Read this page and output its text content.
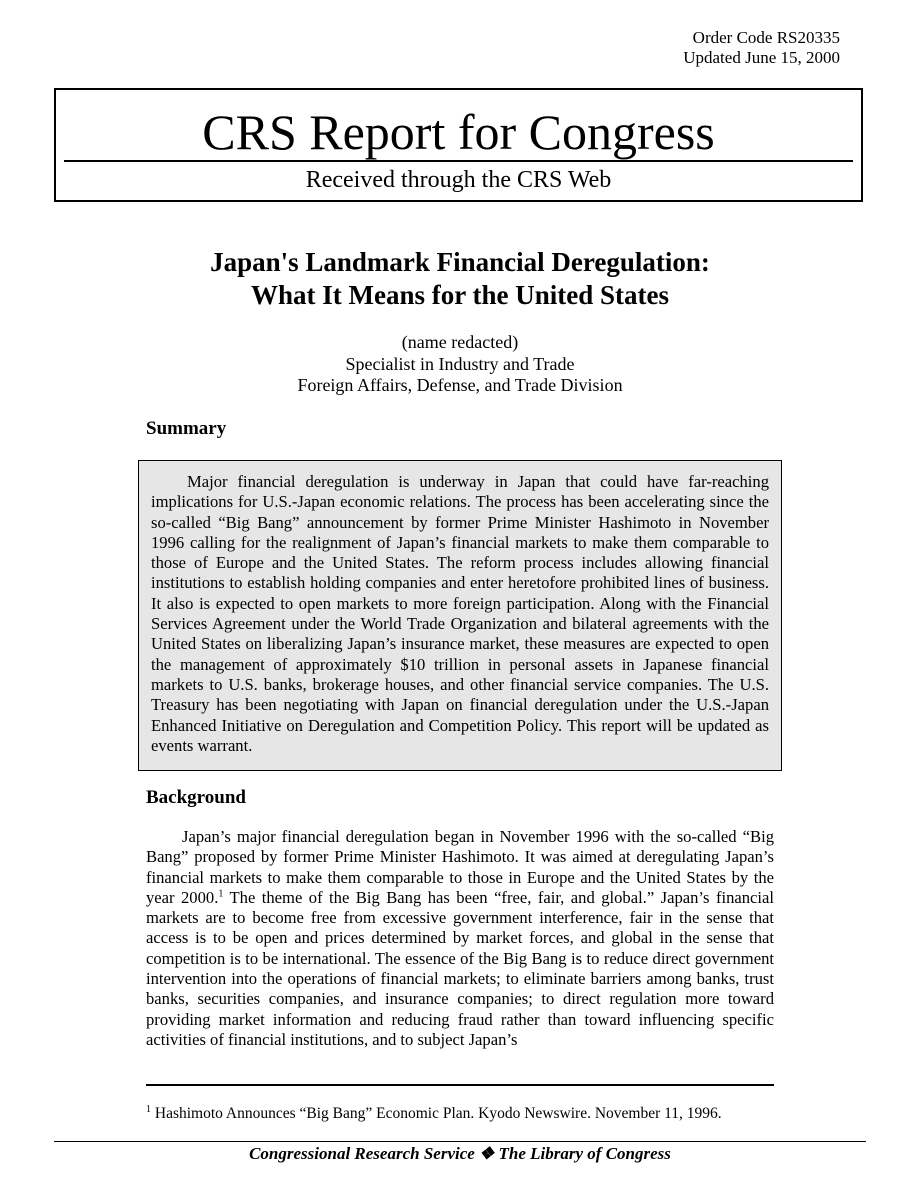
Order Code RS20335
Updated June 15, 2000
CRS Report for Congress
Received through the CRS Web
Japan's Landmark Financial Deregulation:
What It Means for the United States
(name redacted)
Specialist in Industry and Trade
Foreign Affairs, Defense, and Trade Division
Summary

Major financial deregulation is underway in Japan that could have far-reaching implications for U.S.-Japan economic relations. The process has been accelerating since the so-called “Big Bang” announcement by former Prime Minister Hashimoto in November 1996 calling for the realignment of Japan’s financial markets to make them comparable to those of Europe and the United States. The reform process includes allowing financial institutions to establish holding companies and enter heretofore prohibited lines of business. It also is expected to open markets to more foreign participation. Along with the Financial Services Agreement under the World Trade Organization and bilateral agreements with the United States on liberalizing Japan’s insurance market, these measures are expected to open the management of approximately $10 trillion in personal assets in Japanese financial markets to U.S. banks, brokerage houses, and other financial service companies. The U.S. Treasury has been negotiating with Japan on financial deregulation under the U.S.-Japan Enhanced Initiative on Deregulation and Competition Policy. This report will be updated as events warrant.

Background

Japan’s major financial deregulation began in November 1996 with the so-called “Big Bang” proposed by former Prime Minister Hashimoto. It was aimed at deregulating Japan’s financial markets to make them comparable to those in Europe and the United States by the year 2000.$^1$ The theme of the Big Bang has been “free, fair, and global.” Japan’s financial markets are to become free from excessive government interference, fair in the sense that access is to be open and prices determined by market forces, and global in the sense that competition is to be international. The essence of the Big Bang is to reduce direct government intervention into the operations of financial markets; to eliminate barriers among banks, trust banks, securities companies, and insurance companies; to direct regulation more toward providing market information and reducing fraud rather than toward influencing specific activities of financial institutions, and to subject Japan’s

$^1$ Hashimoto Announces “Big Bang” Economic Plan. Kyodo Newswire. November 11, 1996.
Congressional Research Service ❖ The Library of Congress
